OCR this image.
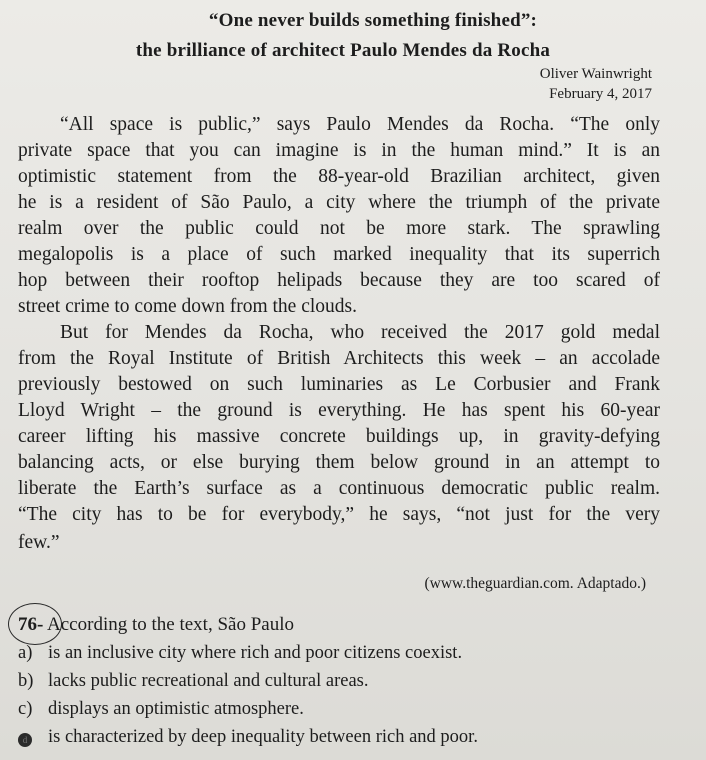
“One never builds something finished”:
the brilliance of architect Paulo Mendes da Rocha
Oliver Wainwright
February 4, 2017
“All space is public,” says Paulo Mendes da Rocha. “The only
private space that you can imagine is in the human mind.” It is an
optimistic statement from the 88-year-old Brazilian architect, given
he is a resident of São Paulo, a city where the triumph of the private
realm over the public could not be more stark. The sprawling
megalopolis is a place of such marked inequality that its superrich
hop between their rooftop helipads because they are too scared of
street crime to come down from the clouds.
But for Mendes da Rocha, who received the 2017 gold medal
from the Royal Institute of British Architects this week – an accolade
previously bestowed on such luminaries as Le Corbusier and Frank
Lloyd Wright – the ground is everything. He has spent his 60-year
career lifting his massive concrete buildings up, in gravity-defying
balancing acts, or else burying them below ground in an attempt to
liberate the Earth’s surface as a continuous democratic public realm.
“The city has to be for everybody,” he says, “not just for the very
few.”
(www.theguardian.com. Adaptado.)
76- According to the text, São Paulo
a) is an inclusive city where rich and poor citizens coexist.
b) lacks public recreational and cultural areas.
c) displays an optimistic atmosphere.
d is characterized by deep inequality between rich and poor.
